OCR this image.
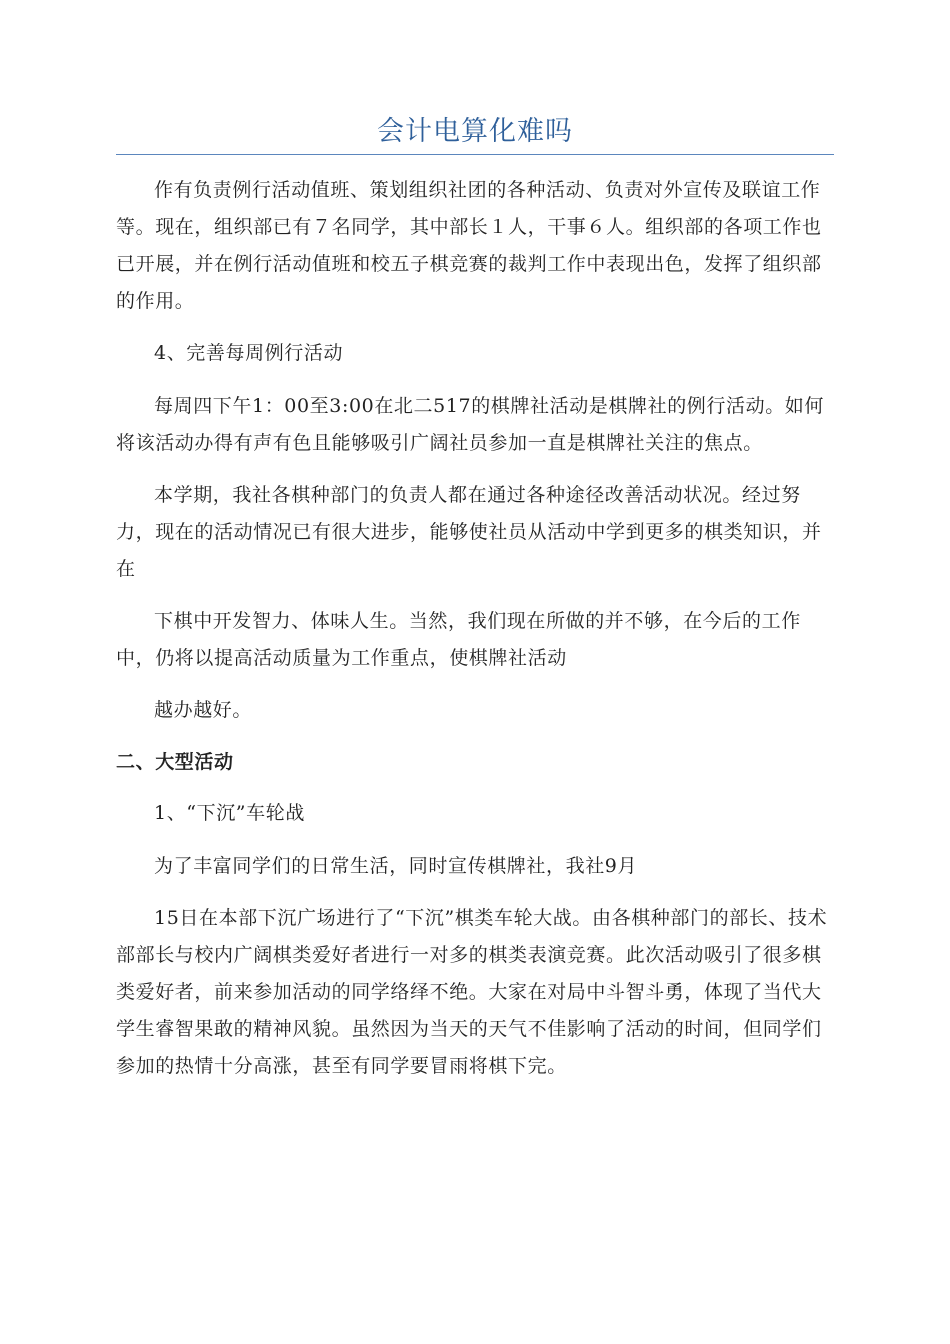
会计电算化难吗

作有负责例行活动值班、策划组织社团的各种活动、负责对外宣传及联谊工作等。现在，组织部已有７名同学，其中部长１人，干事６人。组织部的各项工作也已开展，并在例行活动值班和校五子棋竞赛的裁判工作中表现出色，发挥了组织部的作用。

4、完善每周例行活动

每周四下午1：00至3:00在北二517的棋牌社活动是棋牌社的例行活动。如何将该活动办得有声有色且能够吸引广阔社员参加一直是棋牌社关注的焦点。

本学期，我社各棋种部门的负责人都在通过各种途径改善活动状况。经过努力，现在的活动情况已有很大进步，能够使社员从活动中学到更多的棋类知识，并在

下棋中开发智力、体味人生。当然，我们现在所做的并不够，在今后的工作中，仍将以提高活动质量为工作重点，使棋牌社活动

越办越好。

二、大型活动

1、“下沉”车轮战

为了丰富同学们的日常生活，同时宣传棋牌社，我社9月

15日在本部下沉广场进行了“下沉”棋类车轮大战。由各棋种部门的部长、技术部部长与校内广阔棋类爱好者进行一对多的棋类表演竞赛。此次活动吸引了很多棋类爱好者，前来参加活动的同学络绎不绝。大家在对局中斗智斗勇，体现了当代大学生睿智果敢的精神风貌。虽然因为当天的天气不佳影响了活动的时间，但同学们参加的热情十分高涨，甚至有同学要冒雨将棋下完。
